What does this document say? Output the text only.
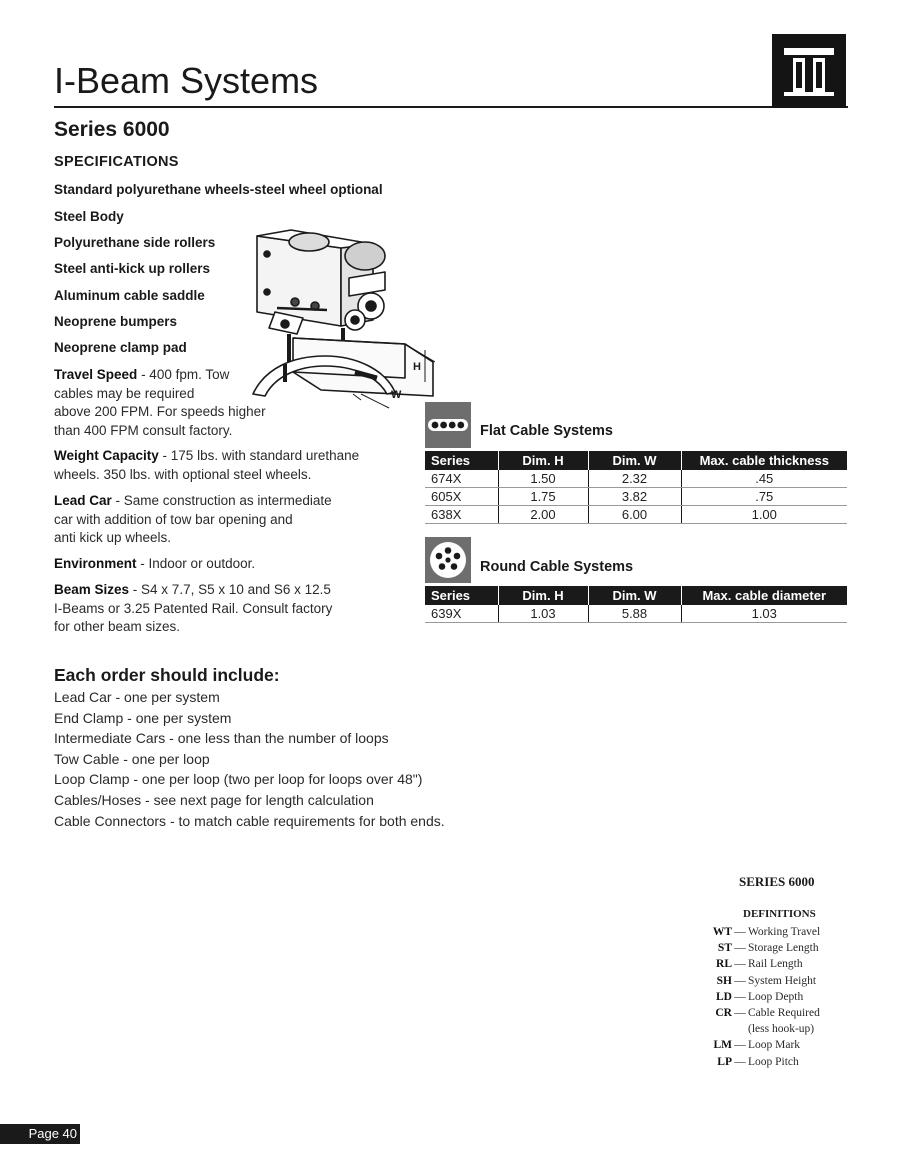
I-Beam Systems
Series 6000
SPECIFICATIONS
Standard polyurethane wheels-steel wheel optional
Steel Body
Polyurethane side rollers
Steel anti-kick up rollers
Aluminum cable saddle
Neoprene bumpers
Neoprene clamp pad
Travel Speed - 400 fpm. Tow
cables may be required
above 200 FPM. For speeds higher
than 400 FPM consult factory.
Weight Capacity - 175 lbs. with standard urethane
wheels. 350 lbs. with optional steel wheels.
Lead Car - Same construction as intermediate
car with addition of tow bar opening and
anti kick up wheels.
Environment - Indoor or outdoor.
Beam Sizes - S4 x 7.7, S5 x 10 and S6 x 12.5
I-Beams or 3.25 Patented Rail. Consult factory
for other beam sizes.
H
W
Flat Cable Systems
Series	Dim. H	Dim. W	Max. cable thickness
674X	1.50	2.32	.45
605X	1.75	3.82	.75
638X	2.00	6.00	1.00
Round Cable Systems
Series	Dim. H	Dim. W	Max. cable diameter
639X	1.03	5.88	1.03
Each order should include:
Lead Car - one per system
End Clamp - one per system
Intermediate Cars - one less than the number of loops
Tow Cable - one per loop
Loop Clamp - one per loop (two per loop for loops over 48")
Cables/Hoses - see next page for length calculation
Cable Connectors - to match cable requirements for both ends.
SERIES 6000
DEFINITIONS
WT — Working Travel
ST — Storage Length
RL — Rail Length
SH — System Height
LD — Loop Depth
CR — Cable Required
(less hook-up)
LM — Loop Mark
LP — Loop Pitch
Page 40
